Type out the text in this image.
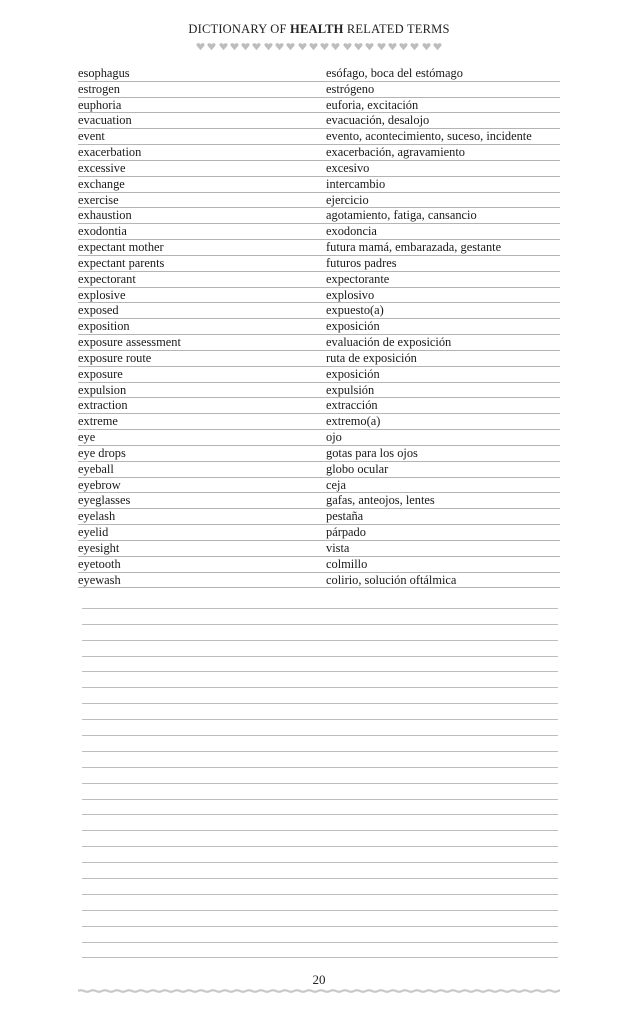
DICTIONARY OF HEALTH RELATED TERMS
esophagus	esófago, boca del estómago
estrogen	estrógeno
euphoria	euforia, excitación
evacuation	evacuación, desalojo
event	evento, acontecimiento, suceso, incidente
exacerbation	exacerbación, agravamiento
excessive	excesivo
exchange	intercambio
exercise	ejercicio
exhaustion	agotamiento, fatiga, cansancio
exodontia	exodoncia
expectant mother	futura mamá, embarazada, gestante
expectant parents	futuros padres
expectorant	expectorante
explosive	explosivo
exposed	expuesto(a)
exposition	exposición
exposure assessment	evaluación de exposición
exposure route	ruta de exposición
exposure	exposición
expulsion	expulsión
extraction	extracción
extreme	extremo(a)
eye	ojo
eye drops	gotas para los ojos
eyeball	globo ocular
eyebrow	ceja
eyeglasses	gafas, anteojos, lentes
eyelash	pestaña
eyelid	párpado
eyesight	vista
eyetooth	colmillo
eyewash	colirio, solución oftálmica
20
